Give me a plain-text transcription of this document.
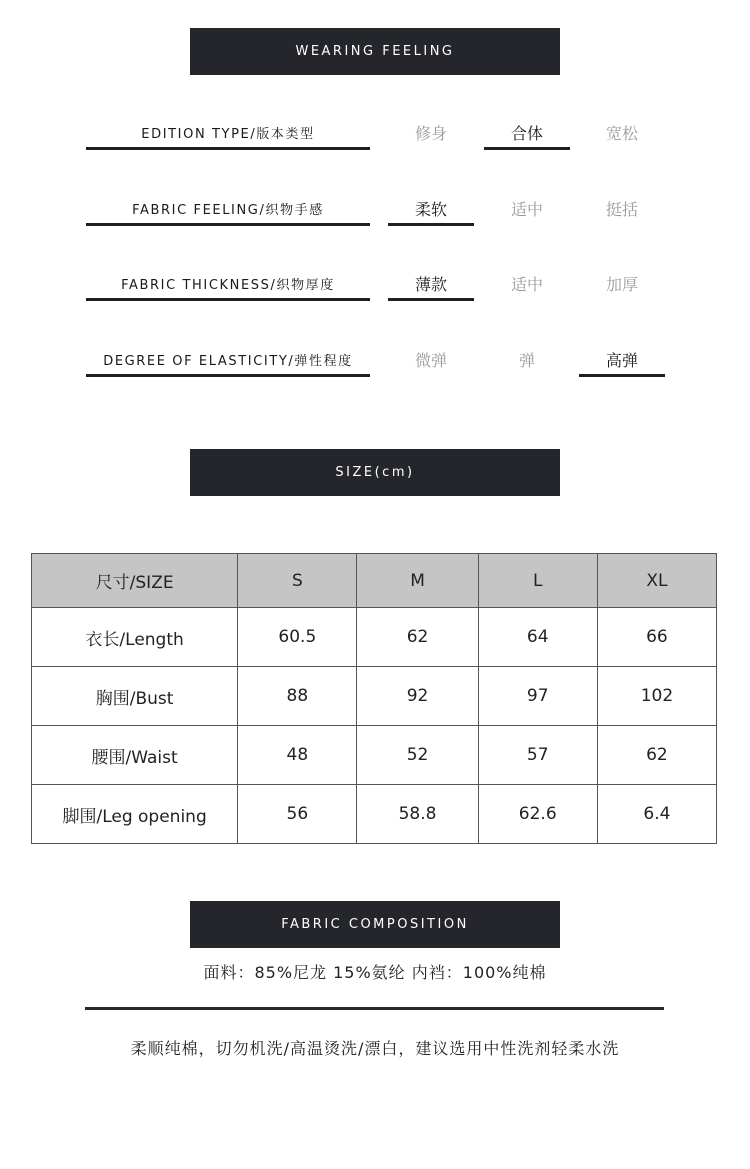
WEARING FEELING
EDITION TYPE/版本类型	修身	合体	宽松
FABRIC FEELING/织物手感	柔软	适中	挺括
FABRIC THICKNESS/织物厚度	薄款	适中	加厚
DEGREE OF ELASTICITY/弹性程度	微弹	弹	高弹
SIZE(cm)
尺寸/SIZE	S	M	L	XL
衣长/Length	60.5	62	64	66
胸围/Bust	88	92	97	102
腰围/Waist	48	52	57	62
脚围/Leg opening	56	58.8	62.6	6.4
FABRIC COMPOSITION
面料：85%尼龙 15%氨纶 内裆：100%纯棉
柔顺纯棉，切勿机洗/高温烫洗/漂白，建议选用中性洗剂轻柔水洗
